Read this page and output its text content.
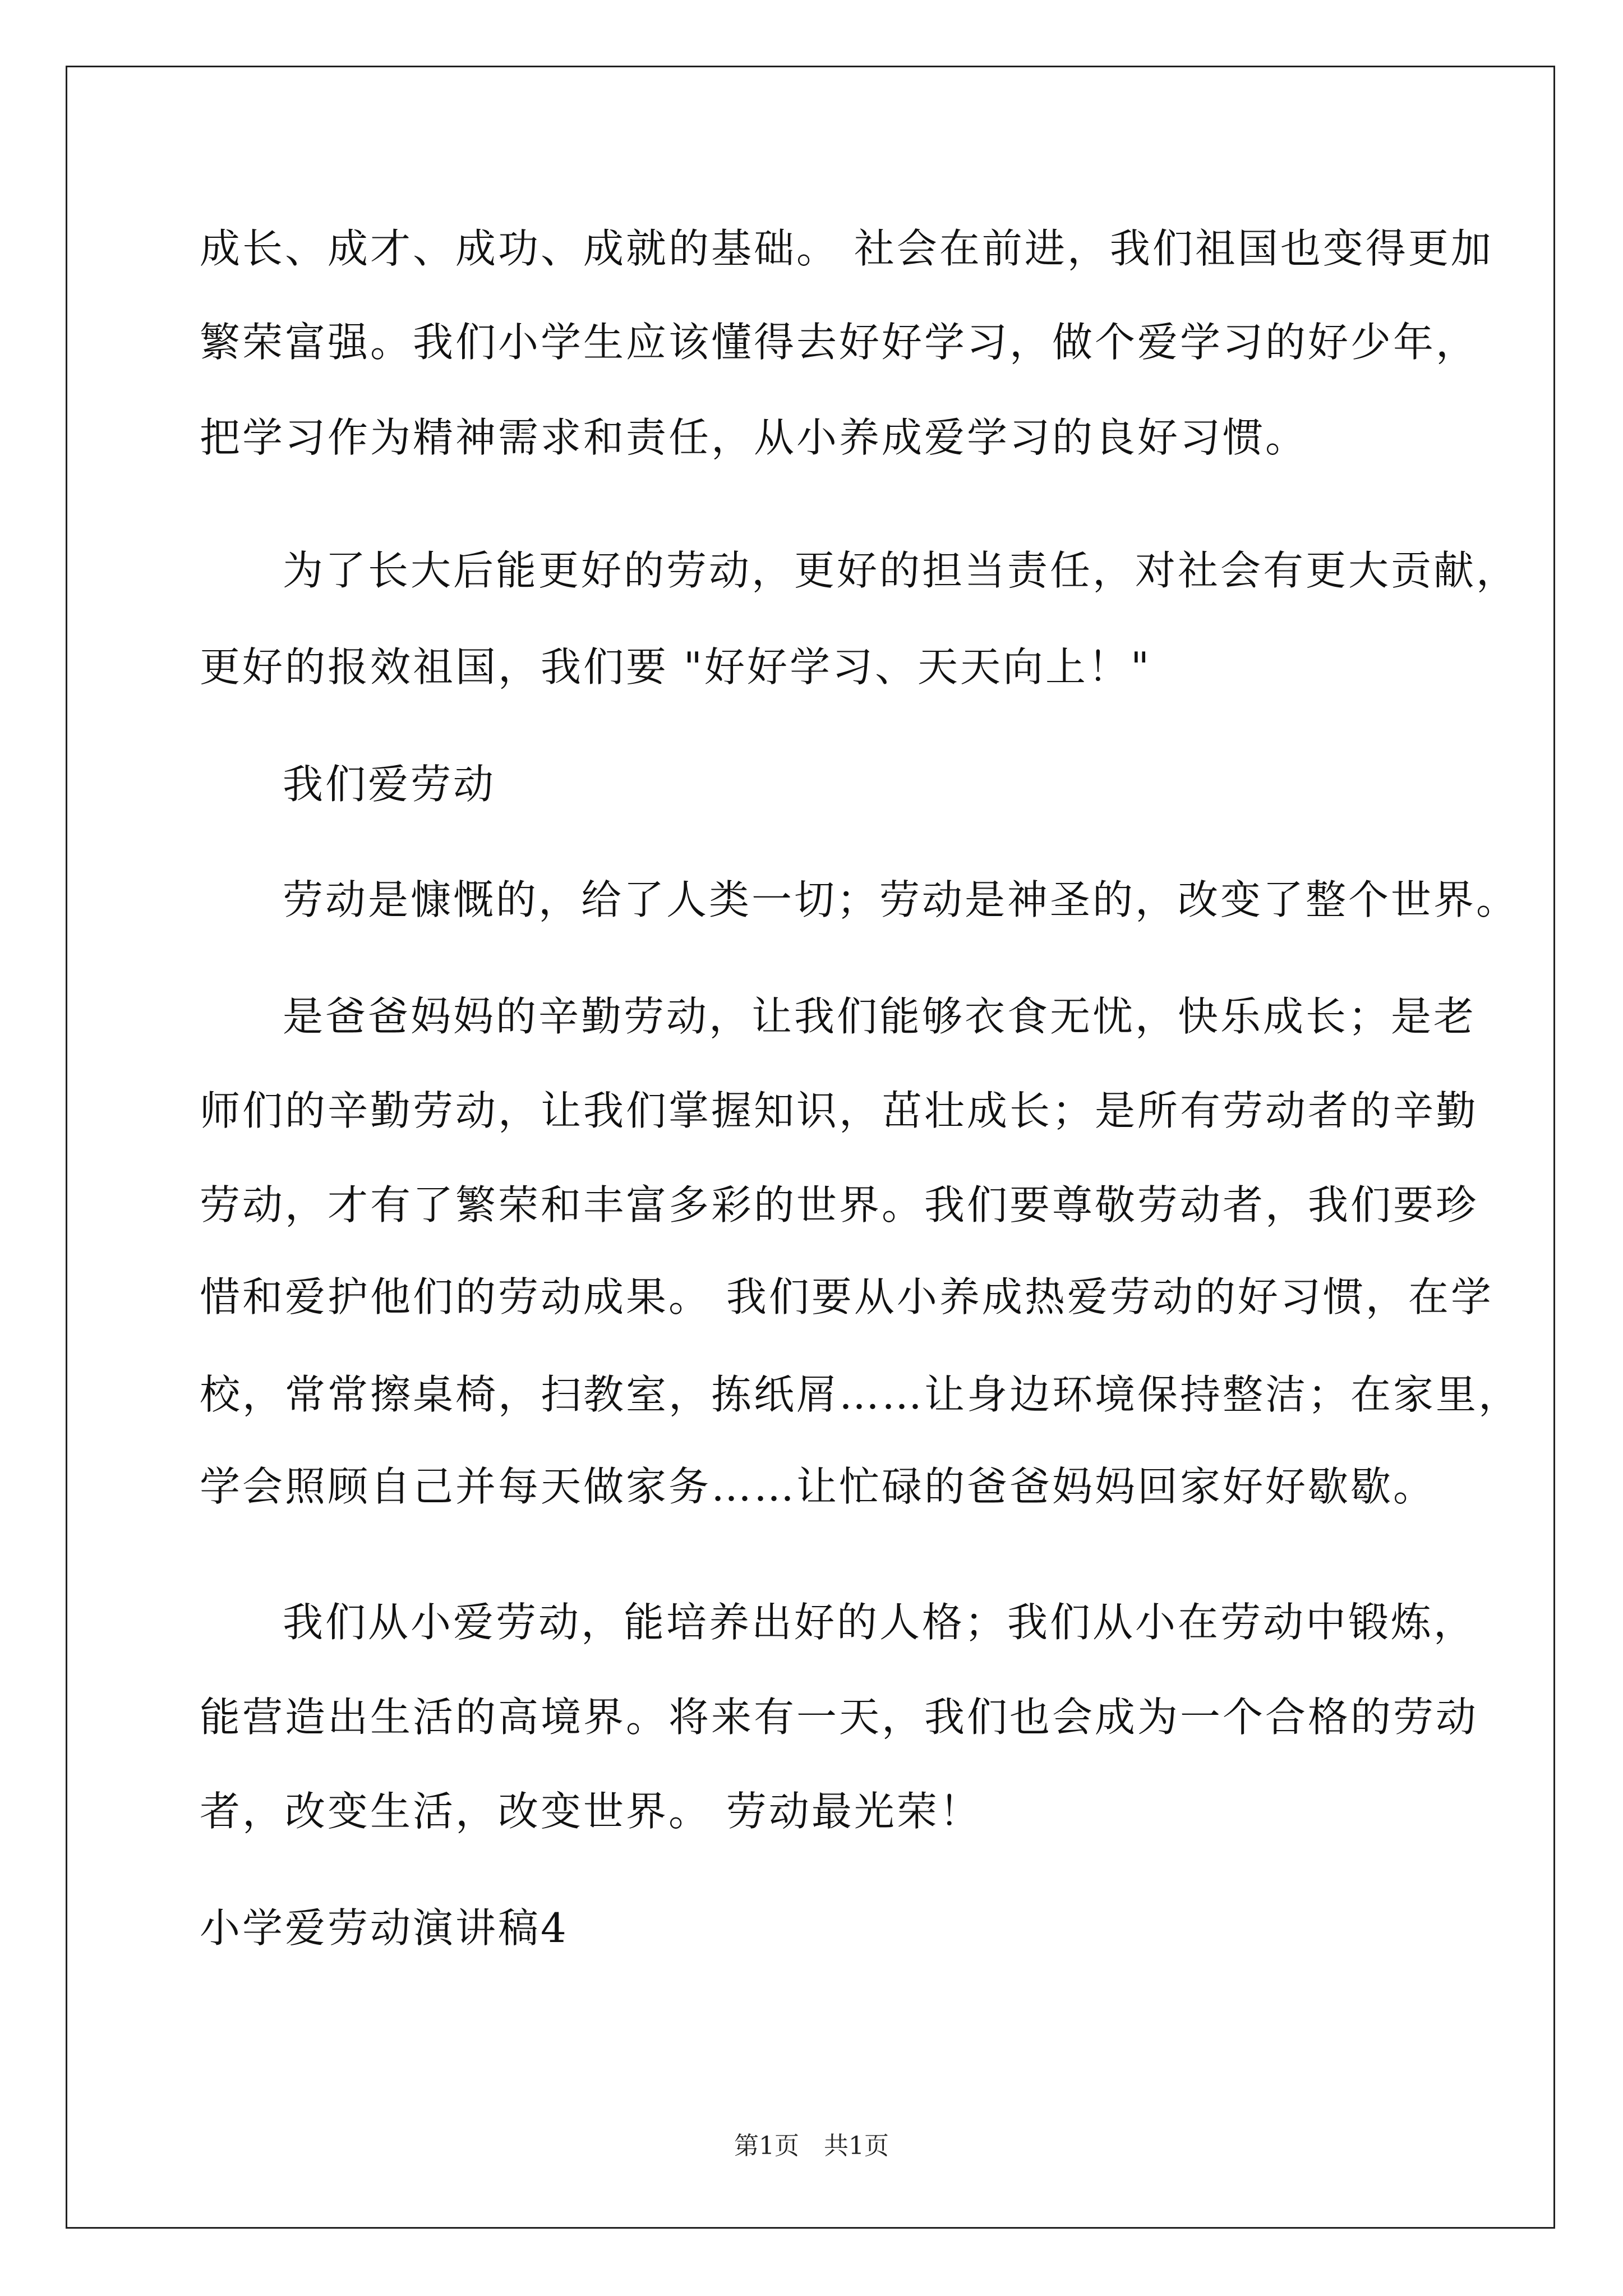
成长、成才、成功、成就的基础。 社会在前进，我们祖国也变得更加
繁荣富强。我们小学生应该懂得去好好学习，做个爱学习的好少年，
把学习作为精神需求和责任，从小养成爱学习的良好习惯。
为了长大后能更好的劳动，更好的担当责任，对社会有更大贡献，
更好的报效祖国，我们要 "好好学习、天天向上！"
我们爱劳动
劳动是慷慨的，给了人类一切；劳动是神圣的，改变了整个世界。
是爸爸妈妈的辛勤劳动，让我们能够衣食无忧，快乐成长；是老
师们的辛勤劳动，让我们掌握知识，茁壮成长；是所有劳动者的辛勤
劳动，才有了繁荣和丰富多彩的世界。我们要尊敬劳动者，我们要珍
惜和爱护他们的劳动成果。 我们要从小养成热爱劳动的好习惯，在学
校，常常擦桌椅，扫教室，拣纸屑……让身边环境保持整洁；在家里，
学会照顾自己并每天做家务……让忙碌的爸爸妈妈回家好好歇歇。
我们从小爱劳动，能培养出好的人格；我们从小在劳动中锻炼，
能营造出生活的高境界。将来有一天，我们也会成为一个合格的劳动
者，改变生活，改变世界。 劳动最光荣！
小学爱劳动演讲稿4
第1页　共1页
